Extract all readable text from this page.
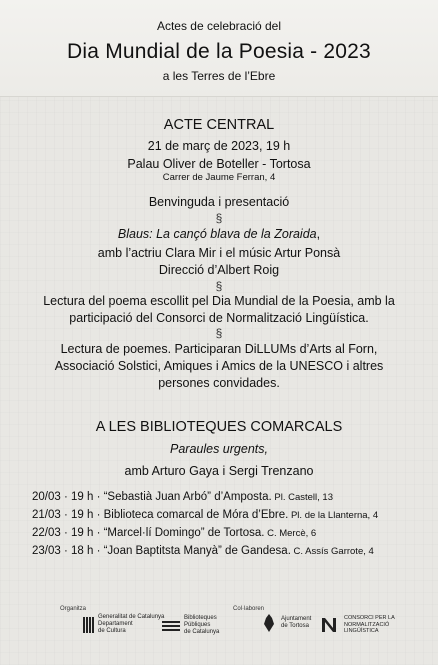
Actes de celebració del
Dia Mundial de la Poesia - 2023
a les Terres de l’Ebre
ACTE CENTRAL
21 de març de 2023, 19 h
Palau Oliver de Boteller - Tortosa
Carrer de Jaume Ferran, 4
Benvinguda i presentació
§
Blaus: La cançó blava de la Zoraida,
amb l’actriu Clara Mir i el músic Artur Ponsà
Direcció d’Albert Roig
§
Lectura del poema escollit pel Dia Mundial de la Poesia, amb la
participació del Consorci de Normalització Lingüística.
§
Lectura de poemes. Participaran DiLLUMs d’Arts al Forn,
Associació Solstici, Amiques i Amics de la UNESCO i altres
persones convidades.
A LES BIBLIOTEQUES COMARCALS
Paraules urgents,
amb Arturo Gaya i Sergi Trenzano
20/03 · 19 h · “Sebastià Juan Arbó” d’Amposta. Pl. Castell, 13
21/03 · 19 h · Biblioteca comarcal de Móra d’Ebre. Pl. de la Llanterna, 4
22/03 · 19 h · “Marcel·lí Domingo” de Tortosa. C. Mercè, 6
23/03 · 18 h · “Joan Baptitsta Manyà” de Gandesa. C. Assís Garrote, 4
Organitza
Generalitat de Catalunya
Departament
de Cultura
Biblioteques
Públiques
de Catalunya
Col·laboren
Ajuntament
de Tortosa
CONSORCI PER LA
NORMALITZACIÓ
LINGÜÍSTICA
